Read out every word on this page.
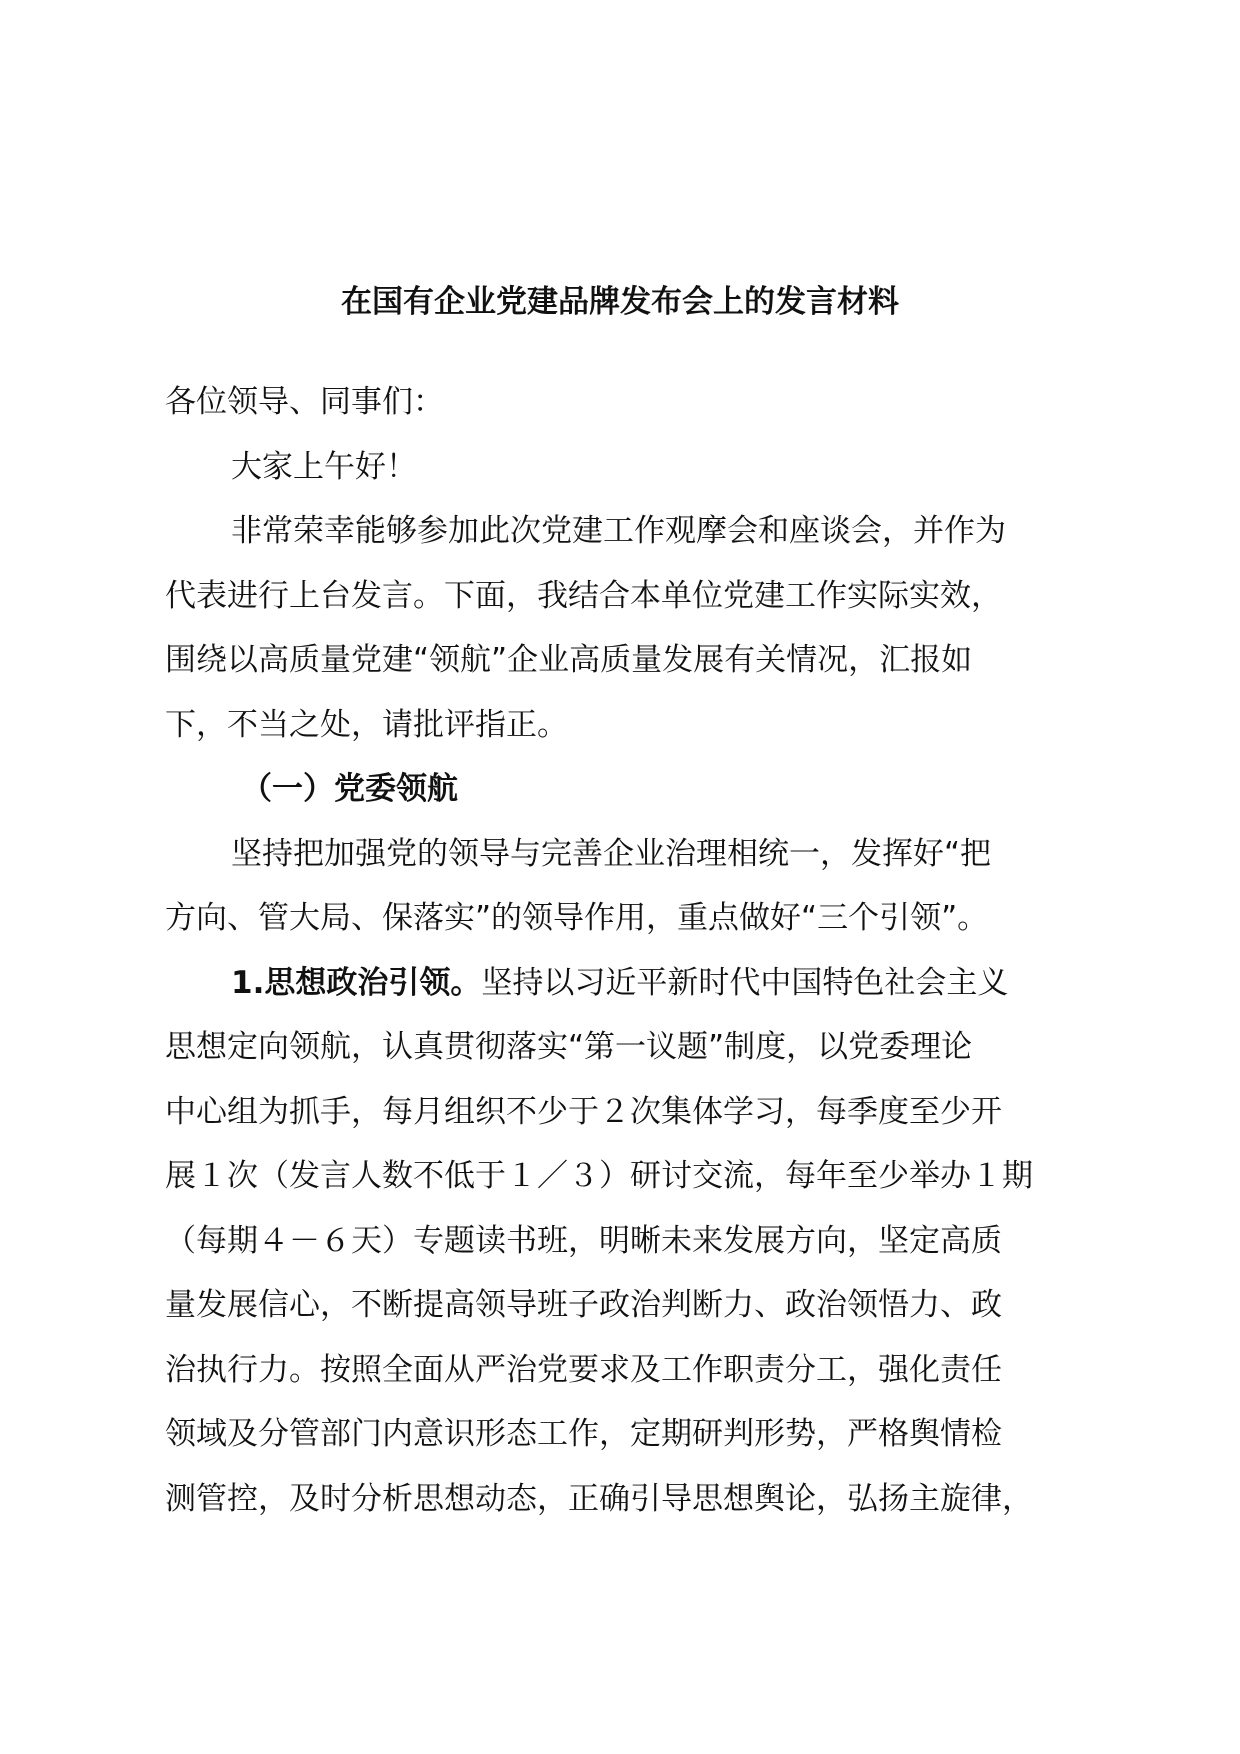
在国有企业党建品牌发布会上的发言材料

各位领导、同事们：

大家上午好！

非常荣幸能够参加此次党建工作观摩会和座谈会，并作为
代表进行上台发言。下面，我结合本单位党建工作实际实效，
围绕以高质量党建“领航”企业高质量发展有关情况，汇报如
下，不当之处，请批评指正。

（一）党委领航

坚持把加强党的领导与完善企业治理相统一，发挥好“把
方向、管大局、保落实”的领导作用，重点做好“三个引领”。

1.思想政治引领。坚持以习近平新时代中国特色社会主义
思想定向领航，认真贯彻落实“第一议题”制度，以党委理论
中心组为抓手，每月组织不少于２次集体学习，每季度至少开
展１次（发言人数不低于１／３）研讨交流，每年至少举办１期
（每期４－６天）专题读书班，明晰未来发展方向，坚定高质
量发展信心，不断提高领导班子政治判断力、政治领悟力、政
治执行力。按照全面从严治党要求及工作职责分工，强化责任
领域及分管部门内意识形态工作，定期研判形势，严格舆情检
测管控，及时分析思想动态，正确引导思想舆论，弘扬主旋律，
